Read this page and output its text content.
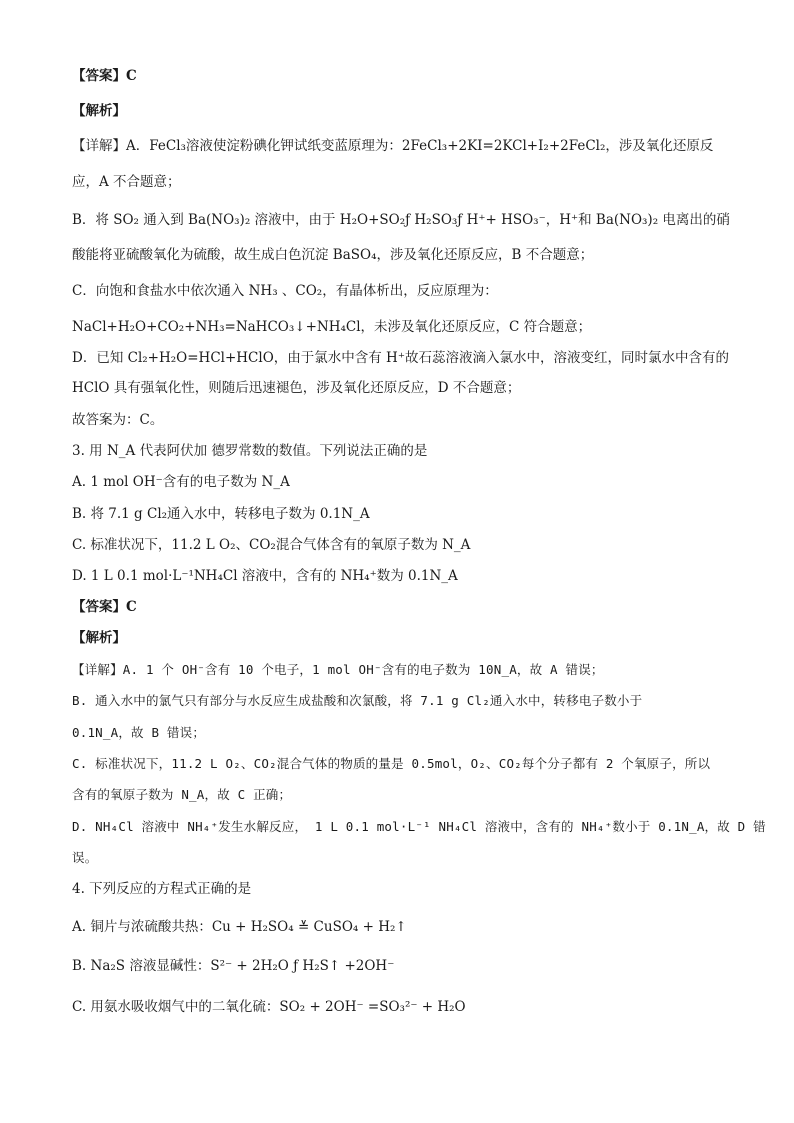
【答案】C
【解析】
【详解】A．FeCl₃溶液使淀粉碘化钾试纸变蓝原理为：2FeCl₃+2KI=2KCl+I₂+2FeCl₂，涉及氧化还原反
应，A 不合题意；
B．将 SO₂ 通入到 Ba(NO₃)₂ 溶液中，由于 H₂O+SO₂ƒ H₂SO₃ƒ H⁺+ HSO₃⁻，H⁺和 Ba(NO₃)₂ 电离出的硝
酸能将亚硫酸氧化为硫酸，故生成白色沉淀 BaSO₄，涉及氧化还原反应，B 不合题意；
C．向饱和食盐水中依次通入 NH₃ 、CO₂，有晶体析出，反应原理为：
NaCl+H₂O+CO₂+NH₃=NaHCO₃↓+NH₄Cl，未涉及氧化还原反应，C 符合题意；
D．已知 Cl₂+H₂O=HCl+HClO，由于氯水中含有 H⁺故石蕊溶液滴入氯水中，溶液变红，同时氯水中含有的
HClO 具有强氧化性，则随后迅速褪色，涉及氧化还原反应，D 不合题意；
故答案为：C。
3. 用 N_A 代表阿伏加 德罗常数的数值。下列说法正确的是
A. 1 mol OH⁻含有的电子数为 N_A
B. 将 7.1 g Cl₂通入水中，转移电子数为 0.1N_A
C. 标准状况下，11.2 L O₂、CO₂混合气体含有的氧原子数为 N_A
D. 1 L 0.1 mol·L⁻¹NH₄Cl 溶液中，含有的 NH₄⁺数为 0.1N_A
【答案】C
【解析】
【详解】A. 1 个 OH⁻含有 10 个电子，1 mol OH⁻含有的电子数为 10N_A，故 A 错误；
B. 通入水中的氯气只有部分与水反应生成盐酸和次氯酸，将 7.1 g Cl₂通入水中，转移电子数小于
0.1N_A，故 B 错误；
C. 标准状况下，11.2 L O₂、CO₂混合气体的物质的量是 0.5mol，O₂、CO₂每个分子都有 2 个氧原子，所以
含有的氧原子数为 N_A，故 C 正确；
D. NH₄Cl 溶液中 NH₄⁺发生水解反应， 1 L 0.1 mol·L⁻¹ NH₄Cl 溶液中，含有的 NH₄⁺数小于 0.1N_A，故 D 错
误。
4. 下列反应的方程式正确的是
A. 铜片与浓硫酸共热：Cu + H₂SO₄ ≚ CuSO₄ + H₂↑
B. Na₂S 溶液显碱性：S²⁻ + 2H₂O ƒ H₂S↑ +2OH⁻
C. 用氨水吸收烟气中的二氧化硫：SO₂ + 2OH⁻ =SO₃²⁻ + H₂O
